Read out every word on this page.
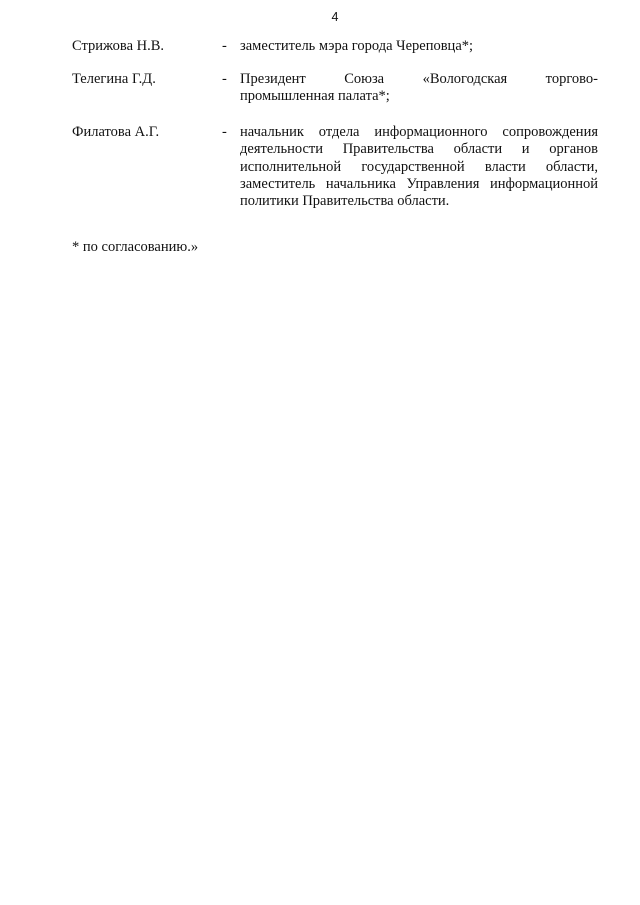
4
Стрижова Н.В.	- заместитель мэра города Череповца*;
Телегина Г.Д.	- Президент Союза «Вологодская торгово-
промышленная палата*;
Филатова А.Г.	- начальник отдела информационного сопровождения
деятельности Правительства области и органов
исполнительной государственной власти области,
заместитель начальника Управления информационной
политики Правительства области.
* по согласованию.»
